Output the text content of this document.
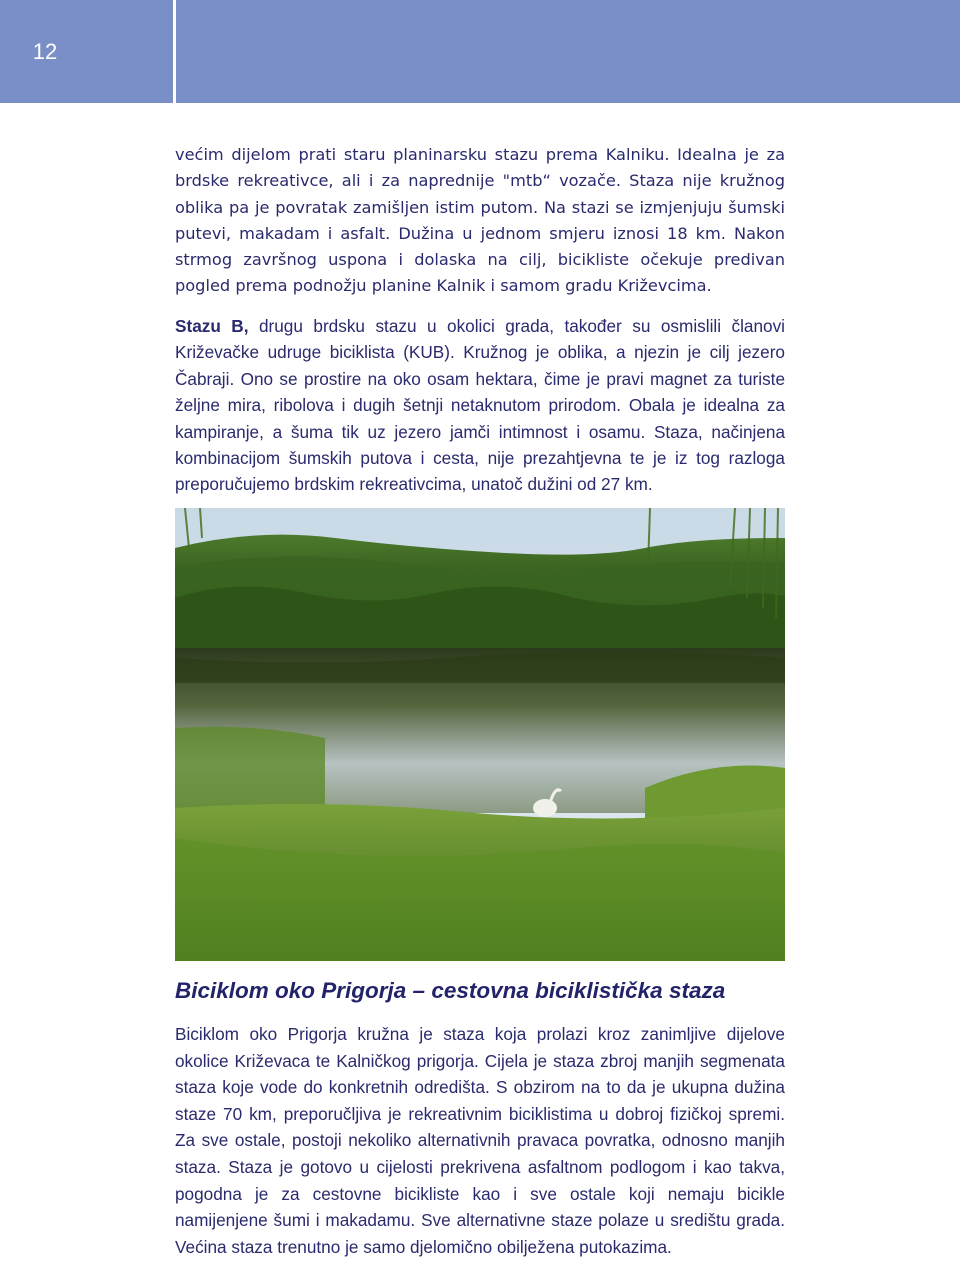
12

većim dijelom prati staru planinarsku stazu prema Kalniku. Idealna je za brdske rekreativce, ali i za naprednije "mtb“ vozače. Staza nije kružnog oblika pa je povratak zamišljen istim putom. Na stazi se izmjenjuju šumski putevi, makadam i asfalt. Dužina u jednom smjeru iznosi 18 km. Nakon strmog završnog uspona i dolaska na cilj, bicikliste očekuje predivan pogled prema podnožju planine Kalnik i samom gradu Križevcima.

Stazu B, drugu brdsku stazu u okolici grada, također su osmislili članovi Križevačke udruge biciklista (KUB). Kružnog je oblika, a njezin je cilj jezero Čabraji. Ono se prostire na oko osam hektara, čime je pravi magnet za turiste željne mira, ribolova i dugih šetnji netaknutom prirodom. Obala je idealna za kampiranje, a šuma tik uz jezero jamči intimnost i osamu. Staza, načinjena kombinacijom šumskih putova i cesta, nije prezahtjevna te je iz tog razloga preporučujemo brdskim rekreativcima, unatoč dužini od 27 km.

Biciklom oko Prigorja – cestovna biciklistička staza

Biciklom oko Prigorja kružna je staza koja prolazi kroz zanimljive dijelove okolice Križevaca te Kalničkog prigorja. Cijela je staza zbroj manjih segmenata staza koje vode do konkretnih odredišta. S obzirom na to da je ukupna dužina staze 70 km, preporučljiva je rekreativnim biciklistima u dobroj fizičkoj spremi. Za sve ostale, postoji nekoliko alternativnih pravaca povratka, odnosno manjih staza. Staza je gotovo u cijelosti prekrivena asfaltnom podlogom i kao takva, pogodna je za cestovne bicikliste kao i sve ostale koji nemaju bicikle namijenjene šumi i makadamu. Sve alternativne staze polaze u središtu grada. Većina staza trenutno je samo djelomično obilježena putokazima.
